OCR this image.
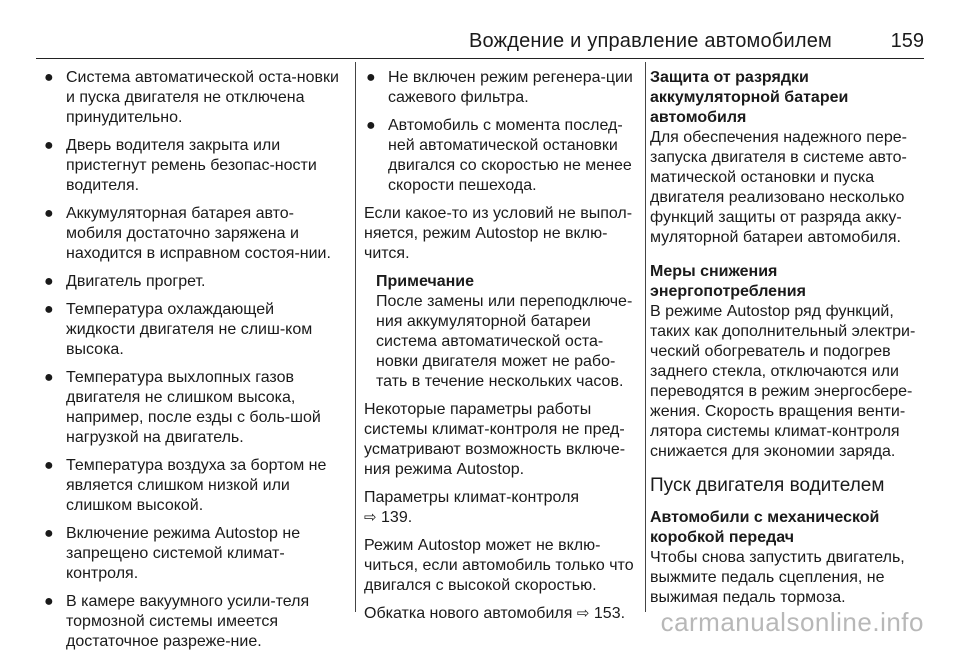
Вождение и управление автомобилем	159
● Система автоматической оста-новки и пуска двигателя не отключена принудительно.
● Дверь водителя закрыта или пристегнут ремень безопас-ности водителя.
● Аккумуляторная батарея авто-мобиля достаточно заряжена и находится в исправном состоя-нии.
● Двигатель прогрет.
● Температура охлаждающей жидкости двигателя не слиш-ком высока.
● Температура выхлопных газов двигателя не слишком высока, например, после езды с боль-шой нагрузкой на двигатель.
● Температура воздуха за бортом не является слишком низкой или слишком высокой.
● Включение режима Autostop не запрещено системой климат-контроля.
● В камере вакуумного усили-теля тормозной системы имеется достаточное разреже-ние.
● Не включен режим регенера-ции сажевого фильтра.
● Автомобиль с момента послед-ней автоматической остановки двигался со скоростью не менее скорости пешехода.

Если какое-то из условий не выпол-няется, режим Autostop не вклю-чится.

Примечание
После замены или переподключе-ния аккумуляторной батареи система автоматической оста-новки двигателя может не рабо-тать в течение нескольких часов.

Некоторые параметры работы системы климат-контроля не пред-усматривают возможность включе-ния режима Autostop.

Параметры климат-контроля
⇨ 139.

Режим Autostop может не вклю-читься, если автомобиль только что двигался с высокой скоростью.

Обкатка нового автомобиля ⇨ 153.

Защита от разрядки аккумуляторной батареи автомобиля

Для обеспечения надежного пере-запуска двигателя в системе авто-матической остановки и пуска двигателя реализовано несколько функций защиты от разряда акку-муляторной батареи автомобиля.

Меры снижения энергопотребления

В режиме Autostop ряд функций, таких как дополнительный электри-ческий обогреватель и подогрев заднего стекла, отключаются или переводятся в режим энергосбере-жения. Скорость вращения венти-лятора системы климат-контроля снижается для экономии заряда.

Пуск двигателя водителем
Автомобили с механической коробкой передач

Чтобы снова запустить двигатель, выжмите педаль сцепления, не выжимая педаль тормоза.

carmanualsonline.info
